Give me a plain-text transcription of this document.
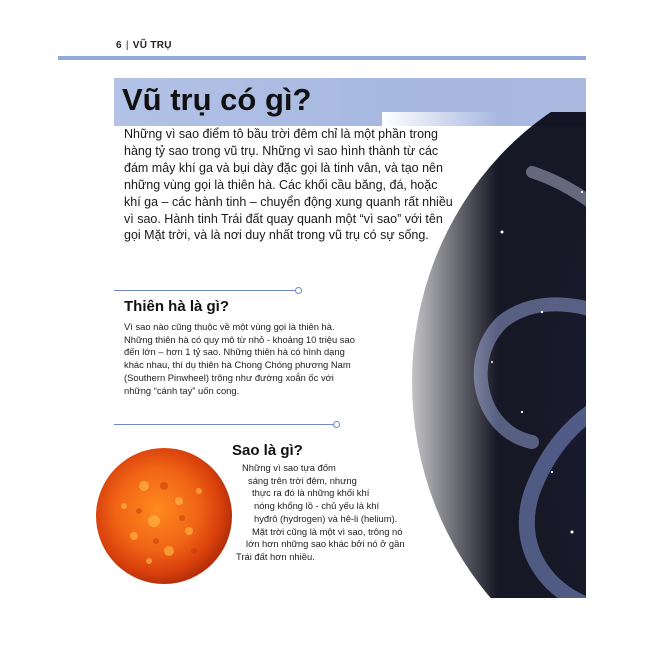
6 | VŨ TRỤ
Vũ trụ có gì?
Những vì sao điểm tô bầu trời đêm chỉ là một phần trong hàng tỷ sao trong vũ trụ. Những vì sao hình thành từ các đám mây khí ga và bụi dày đặc gọi là tinh vân, và tạo nên những vùng gọi là thiên hà. Các khối cầu băng, đá, hoặc khí ga – các hành tinh – chuyển động xung quanh rất nhiều vì sao. Hành tinh Trái đất quay quanh một “vì sao” với tên gọi Mặt trời, và là nơi duy nhất trong vũ trụ có sự sống.
Thiên hà là gì?
Vì sao nào cũng thuộc về một vùng gọi là thiên hà. Những thiên hà có quy mô từ nhỏ - khoảng 10 triệu sao đến lớn – hơn 1 tỷ sao. Những thiên hà có hình dạng khác nhau, thí dụ thiên hà Chong Chóng phương Nam (Southern Pinwheel) trông như đường xoắn ốc với những “cánh tay” uốn cong.
Sao là gì?
Những vì sao tựa đốm
sáng trên trời đêm, nhưng
thực ra đó là những khối khí
nóng khổng lồ - chủ yếu là khí
hyđrô (hydrogen) và hê-li (helium).
Mặt trời cũng là một vì sao, trông nó
lớn hơn những sao khác bởi nó ở gần
Trái đất hơn nhiều.
